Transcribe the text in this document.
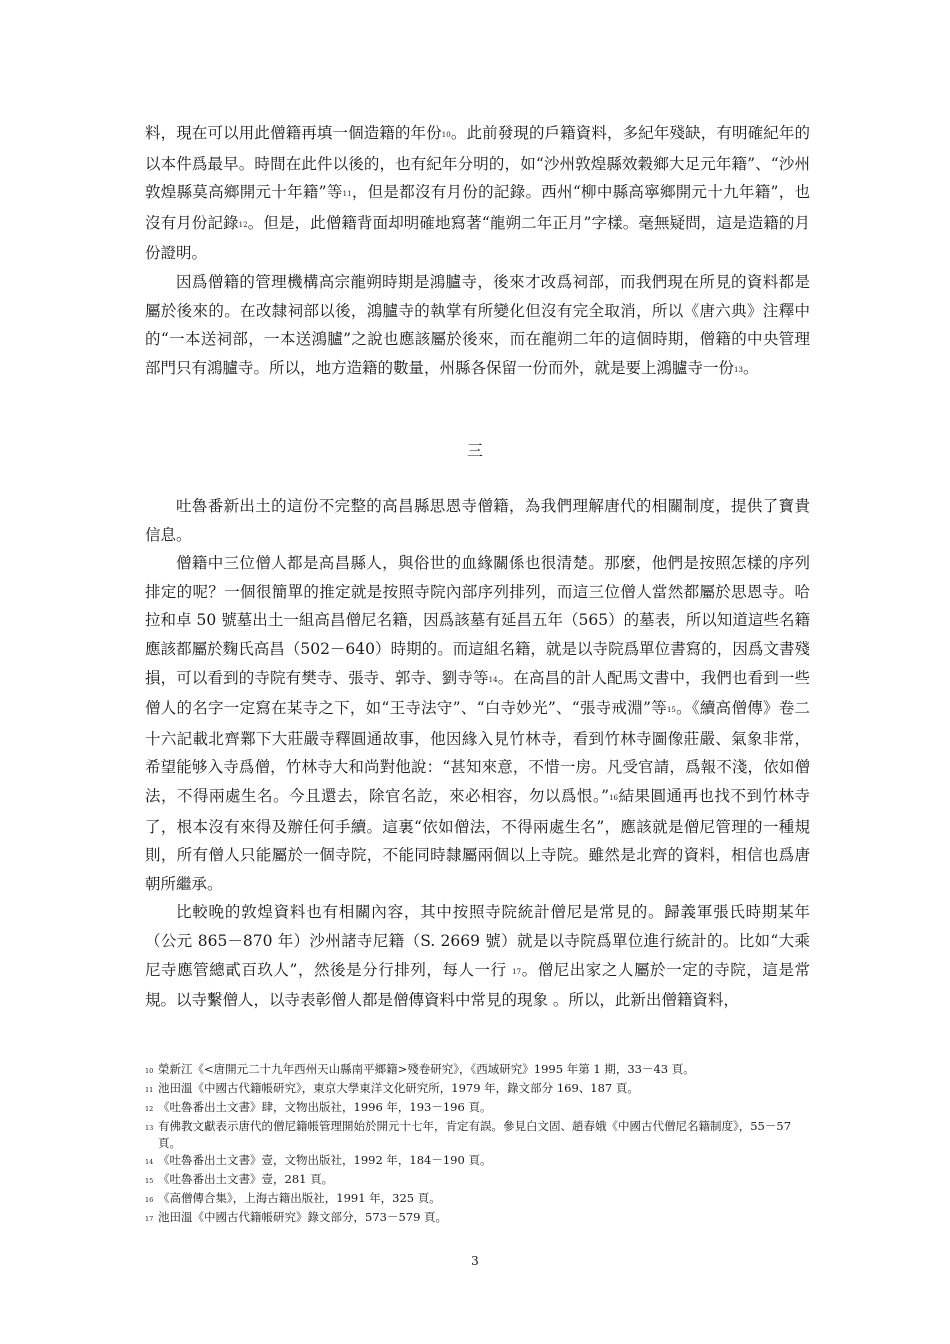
料，現在可以用此僧籍再填一個造籍的年份10。此前發現的戶籍資料，多紀年殘缺，有明確紀年的以本件爲最早。時間在此件以後的，也有紀年分明的，如“沙州敦煌縣效穀鄉大足元年籍”、“沙州敦煌縣莫高鄉開元十年籍”等11，但是都沒有月份的記錄。西州“柳中縣高寧鄉開元十九年籍”，也沒有月份記錄12。但是，此僧籍背面却明確地寫著“龍朔二年正月”字樣。毫無疑問，這是造籍的月份證明。

因爲僧籍的管理機構高宗龍朔時期是鴻臚寺，後來才改爲祠部，而我們現在所見的資料都是屬於後來的。在改隸祠部以後，鴻臚寺的執掌有所變化但沒有完全取消，所以《唐六典》注釋中的“一本送祠部，一本送鴻臚”之說也應該屬於後來，而在龍朔二年的這個時期，僧籍的中央管理部門只有鴻臚寺。所以，地方造籍的數量，州縣各保留一份而外，就是要上鴻臚寺一份13。

三

吐魯番新出土的這份不完整的高昌縣思恩寺僧籍，為我們理解唐代的相關制度，提供了寶貴信息。

僧籍中三位僧人都是高昌縣人，與俗世的血緣關係也很清楚。那麼，他們是按照怎樣的序列排定的呢？一個很簡單的推定就是按照寺院內部序列排列，而這三位僧人當然都屬於思恩寺。哈拉和卓 50 號墓出土一組高昌僧尼名籍，因爲該墓有延昌五年（565）的墓表，所以知道這些名籍應該都屬於麴氏高昌（502－640）時期的。而這組名籍，就是以寺院爲單位書寫的，因爲文書殘損，可以看到的寺院有樊寺、張寺、郭寺、劉寺等14。在高昌的計人配馬文書中，我們也看到一些僧人的名字一定寫在某寺之下，如“王寺法守”、“白寺妙光”、“張寺戒淵”等15。《續高僧傳》卷二十六記載北齊鄴下大莊嚴寺釋圓通故事，他因緣入見竹林寺，看到竹林寺圖像莊嚴、氣象非常，希望能够入寺爲僧，竹林寺大和尚對他說：“甚知來意，不惜一房。凡受官請，爲報不淺，依如僧法，不得兩處生名。今且還去，除官名訖，來必相容，勿以爲恨。”16結果圓通再也找不到竹林寺了，根本沒有來得及辦任何手續。這裏“依如僧法，不得兩處生名”，應該就是僧尼管理的一種規則，所有僧人只能屬於一個寺院，不能同時隸屬兩個以上寺院。雖然是北齊的資料，相信也爲唐朝所繼承。

比較晚的敦煌資料也有相關內容，其中按照寺院統計僧尼是常見的。歸義軍張氏時期某年（公元 865－870 年）沙州諸寺尼籍（S. 2669 號）就是以寺院爲單位進行統計的。比如“大乘尼寺應管總貳百玖人”，然後是分行排列，每人一行 17。僧尼出家之人屬於一定的寺院，這是常規。以寺繫僧人，以寺表彰僧人都是僧傳資料中常見的現象 。所以，此新出僧籍資料，

10 榮新江《<唐開元二十九年西州天山縣南平鄉籍>殘卷研究》，《西域研究》1995 年第 1 期，33－43 頁。
11 池田溫《中國古代籍帳研究》，東京大學東洋文化研究所，1979 年，錄文部分 169、187 頁。
12 《吐魯番出土文書》肆，文物出版社，1996 年，193－196 頁。
13 有佛教文獻表示唐代的僧尼籍帳管理開始於開元十七年，肯定有誤。參見白文固、趙春娥《中國古代僧尼名籍制度》，55－57 頁。
14 《吐魯番出土文書》壹，文物出版社，1992 年，184－190 頁。
15 《吐魯番出土文書》壹，281 頁。
16 《高僧傳合集》，上海古籍出版社，1991 年，325 頁。
17 池田溫《中國古代籍帳研究》錄文部分，573－579 頁。
3
